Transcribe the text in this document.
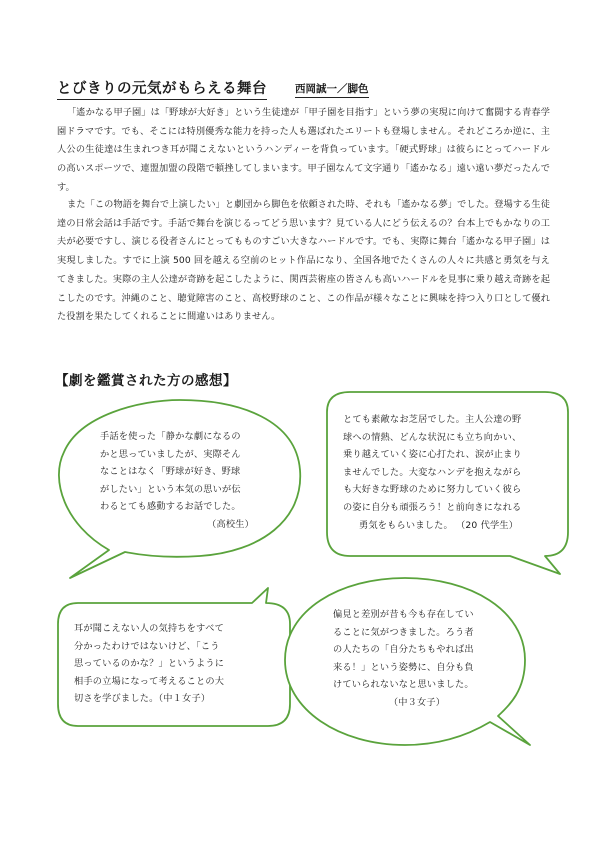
とびきりの元気がもらえる舞台	西岡誠一／脚色

「遙かなる甲子園」は「野球が大好き」という生徒達が「甲子園を目指す」という夢の実現に向けて奮闘する青春学園ドラマです。でも、そこには特別優秀な能力を持った人も選ばれたエリートも登場しません。それどころか逆に、主人公の生徒達は生まれつき耳が聞こえないというハンディーを背負っています。「硬式野球」は彼らにとってハードルの高いスポーツで、連盟加盟の段階で頓挫してしまいます。甲子園なんて文字通り「遙かなる」遠い遠い夢だったんです。

また「この物語を舞台で上演したい」と劇団から脚色を依頼された時、それも「遙かなる夢」でした。登場する生徒達の日常会話は手話です。手話で舞台を演じるってどう思います？見ている人にどう伝えるの？台本上でもかなりの工夫が必要ですし、演じる役者さんにとってもものすごい大きなハードルです。でも、実際に舞台「遙かなる甲子園」は実現しました。すでに上演 500 回を越える空前のヒット作品になり、全国各地でたくさんの人々に共感と勇気を与えてきました。実際の主人公達が奇跡を起こしたように、関西芸術座の皆さんも高いハードルを見事に乗り越え奇跡を起こしたのです。沖縄のこと、聴覚障害のこと、高校野球のこと、この作品が様々なことに興味を持つ入り口として優れた役割を果たしてくれることに間違いはありません。

【劇を鑑賞された方の感想】
手話を使った「静かな劇になるの
かと思っていましたが、実際そん
なことはなく「野球が好き、野球
がしたい」という本気の思いが伝
わるとても感動するお話でした。
（高校生）
とても素敵なお芝居でした。主人公達の野
球への情熱、どんな状況にも立ち向かい、
乗り越えていく姿に心打たれ、涙が止まり
ませんでした。大変なハンデを抱えながら
も大好きな野球のために努力していく彼ら
の姿に自分も頑張ろう！と前向きになれる
勇気をもらいました。 （20 代学生）
耳が聞こえない人の気持ちをすべて
分かったわけではないけど、「こう
思っているのかな？」というように
相手の立場になって考えることの大
切さを学びました。（中１女子）
偏見と差別が昔も今も存在してい
ることに気がつきました。ろう者
の人たちの「自分たちもやれば出
来る！」という姿勢に、自分も負
けていられないなと思いました。
（中３女子）
